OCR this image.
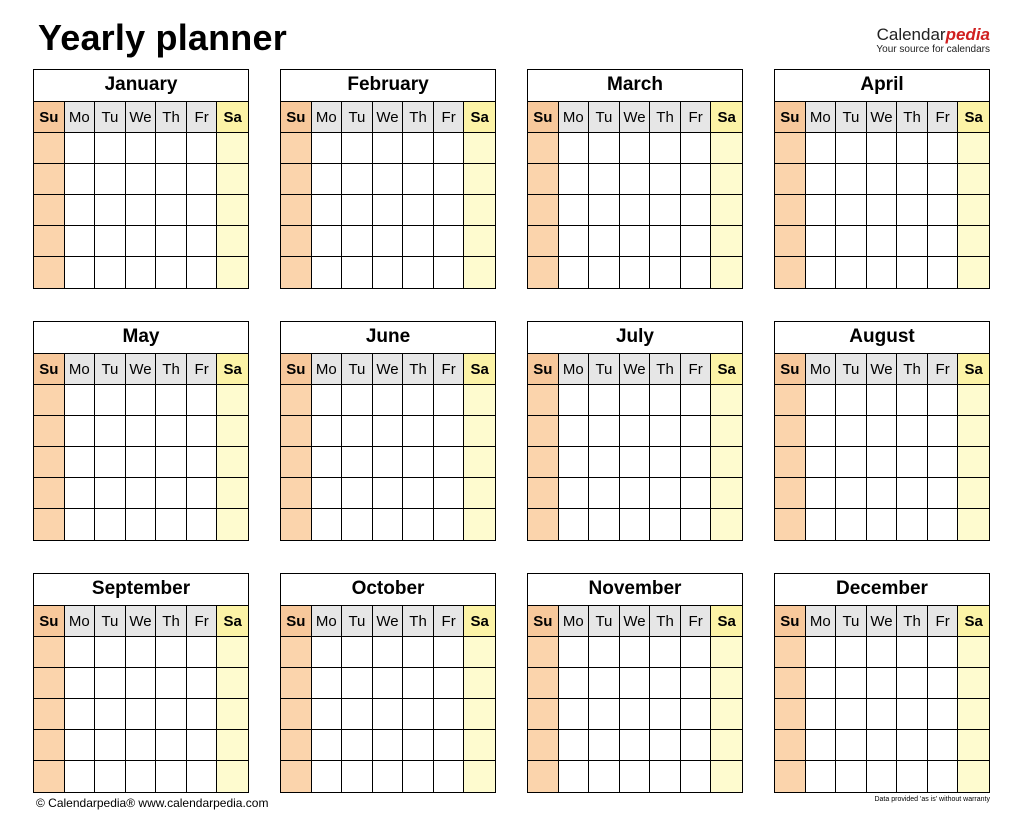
Yearly planner	Calendarpedia
Your source for calendars
January
Su Mo Tu We Th Fr Sa
February
Su Mo Tu We Th Fr Sa
March
Su Mo Tu We Th Fr Sa
April
Su Mo Tu We Th Fr Sa
May
Su Mo Tu We Th Fr Sa
June
Su Mo Tu We Th Fr Sa
July
Su Mo Tu We Th Fr Sa
August
Su Mo Tu We Th Fr Sa
September
Su Mo Tu We Th Fr Sa
October
Su Mo Tu We Th Fr Sa
November
Su Mo Tu We Th Fr Sa
December
Su Mo Tu We Th Fr Sa
© Calendarpedia® www.calendarpedia.com	Data provided 'as is' without warranty
